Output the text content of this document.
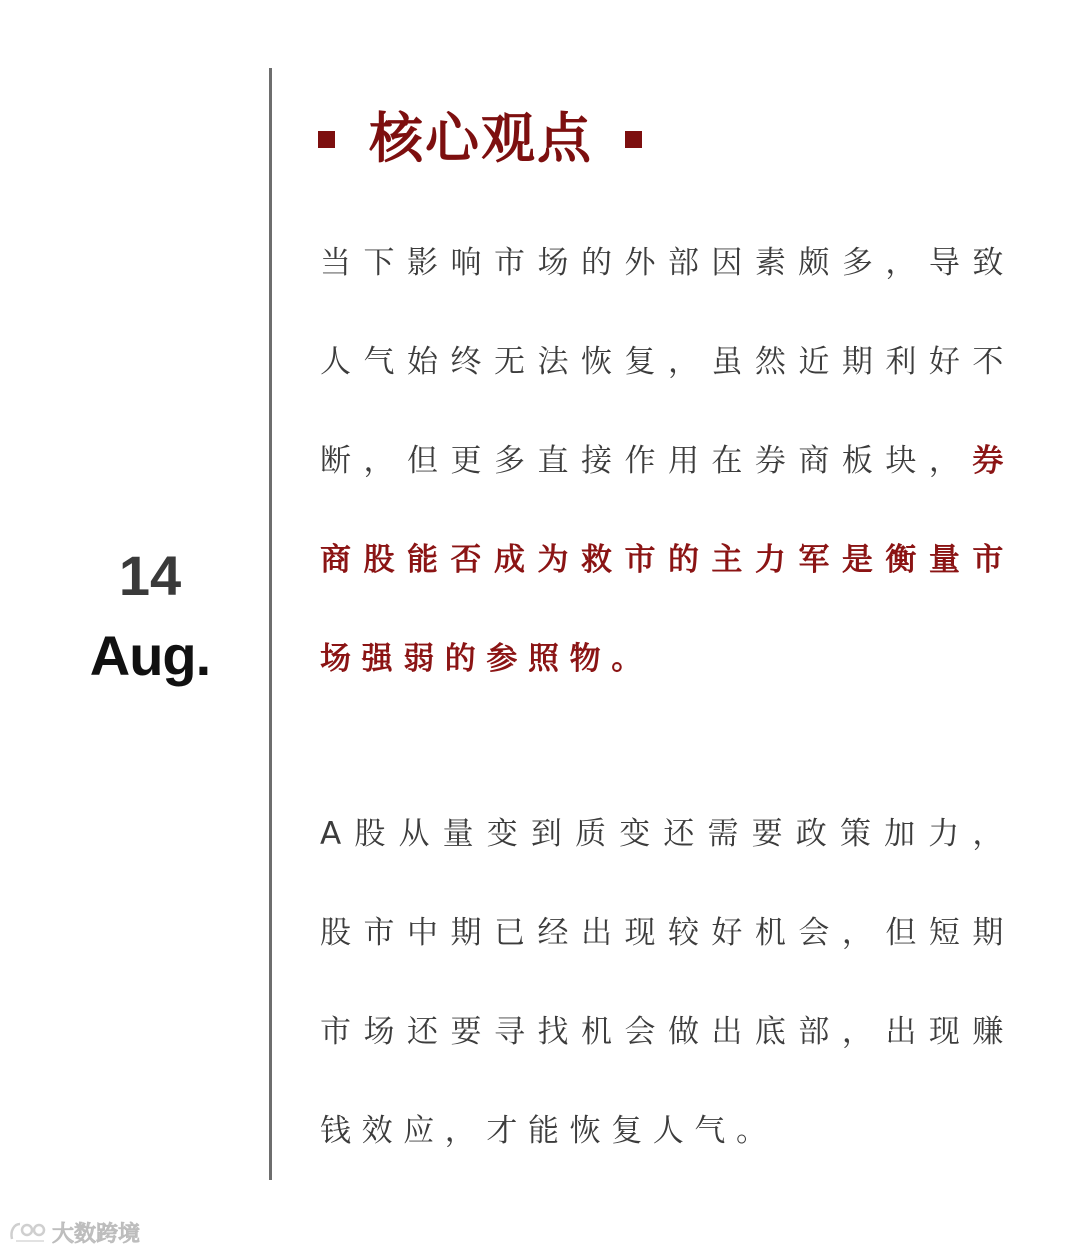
14
Aug.
核心观点

当下影响市场的外部因素颇多，导致人气始终无法恢复，虽然近期利好不断，但更多直接作用在券商板块，券商股能否成为救市的主力军是衡量市场强弱的参照物。

A股从量变到质变还需要政策加力，股市中期已经出现较好机会，但短期市场还要寻找机会做出底部，出现赚钱效应，才能恢复人气。

大数跨境
